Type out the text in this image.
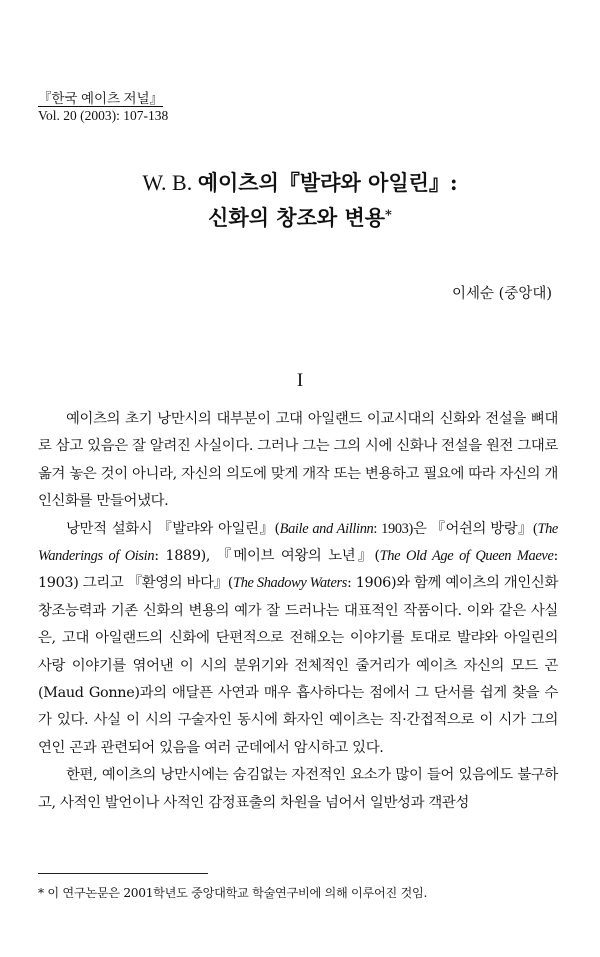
『한국 예이츠 저널』
Vol. 20 (2003): 107-138
W. B. 예이츠의『발랴와 아일린』:
신화의 창조와 변용*
이세순 (중앙대)
I

예이츠의 초기 낭만시의 대부분이 고대 아일랜드 이교시대의 신화와 전설을 뼈대로 삼고 있음은 잘 알려진 사실이다. 그러나 그는 그의 시에 신화나 전설을 원전 그대로 옮겨 놓은 것이 아니라, 자신의 의도에 맞게 개작 또는 변용하고 필요에 따라 자신의 개인신화를 만들어냈다.

낭만적 설화시 『발랴와 아일린』(Baile and Aillinn: 1903)은 『어쉰의 방랑』(The Wanderings of Oisin: 1889), 『메이브 여왕의 노년』(The Old Age of Queen Maeve: 1903) 그리고 『환영의 바다』(The Shadowy Waters: 1906)와 함께 예이츠의 개인신화 창조능력과 기존 신화의 변용의 예가 잘 드러나는 대표적인 작품이다. 이와 같은 사실은, 고대 아일랜드의 신화에 단편적으로 전해오는 이야기를 토대로 발랴와 아일린의 사랑 이야기를 엮어낸 이 시의 분위기와 전체적인 줄거리가 예이츠 자신의 모드 곤(Maud Gonne)과의 애달픈 사연과 매우 흡사하다는 점에서 그 단서를 쉽게 찾을 수가 있다. 사실 이 시의 구술자인 동시에 화자인 예이츠는 직·간접적으로 이 시가 그의 연인 곤과 관련되어 있음을 여러 군데에서 암시하고 있다.

한편, 예이츠의 낭만시에는 숨김없는 자전적인 요소가 많이 들어 있음에도 불구하고, 사적인 발언이나 사적인 감정표출의 차원을 넘어서 일반성과 객관성

* 이 연구논문은 2001학년도 중앙대학교 학술연구비에 의해 이루어진 것임.
